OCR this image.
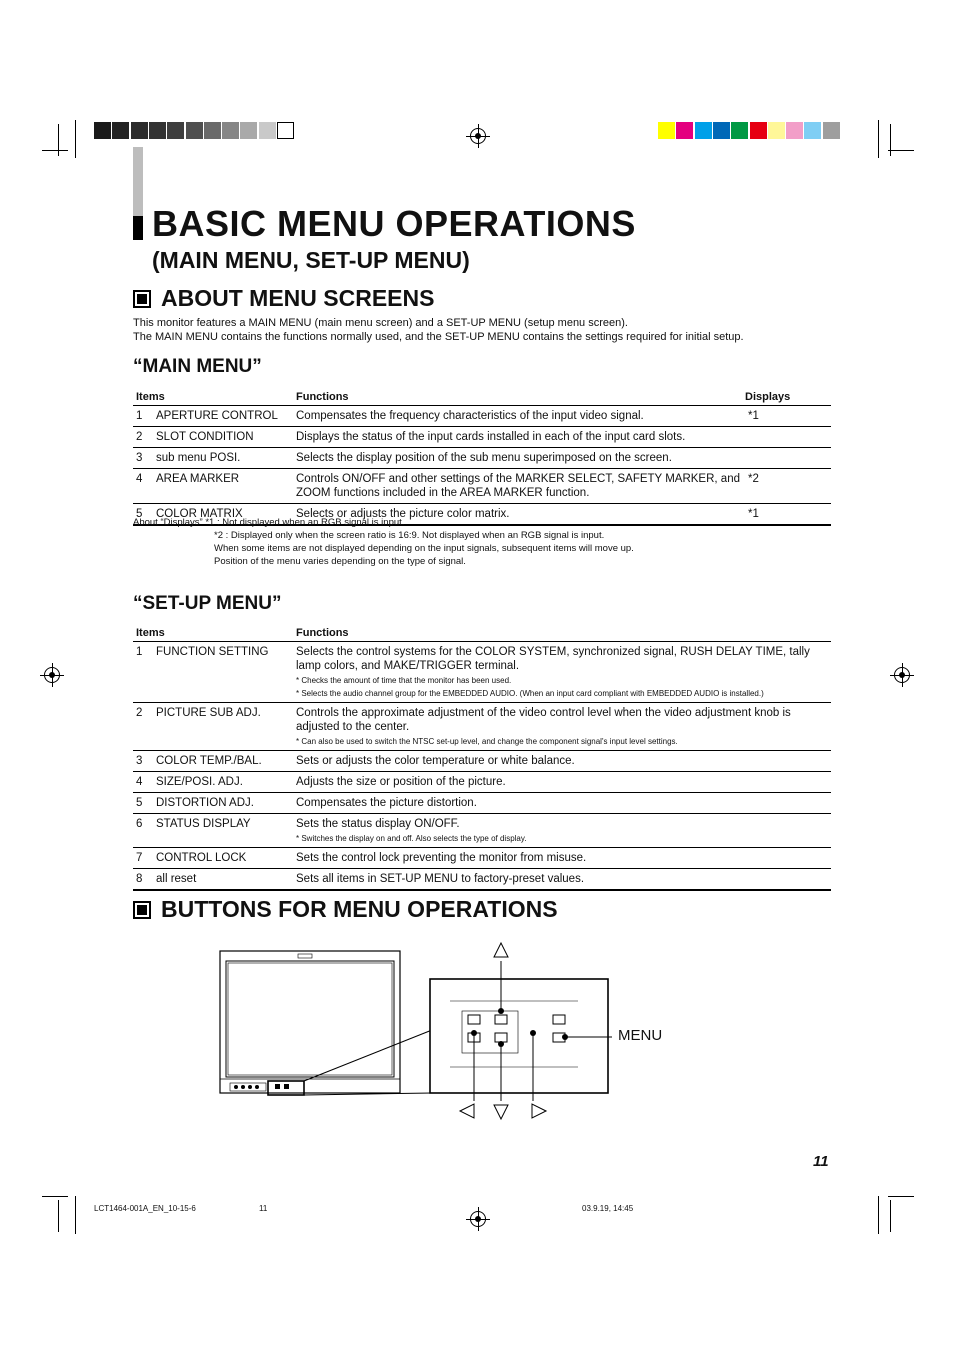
BASIC MENU OPERATIONS
(MAIN MENU, SET-UP MENU)
ABOUT MENU SCREENS
This monitor features a MAIN MENU (main menu screen) and a SET-UP MENU (setup menu screen).
The MAIN MENU contains the functions normally used, and the SET-UP MENU contains the settings required for initial setup.
“MAIN MENU”
Items		Functions	Displays
1	APERTURE CONTROL	Compensates the frequency characteristics of the input video signal.	*1
2	SLOT CONDITION	Displays the status of the input cards installed in each of the input card slots.	
3	sub menu POSI.	Selects the display position of the sub menu superimposed on the screen.	
4	AREA MARKER	Controls ON/OFF and other settings of the MARKER SELECT, SAFETY MARKER, and ZOOM functions included in the AREA MARKER function.	*2
5	COLOR MATRIX	Selects or adjusts the picture color matrix.	*1
About “Displays” *1 : Not displayed when an RGB signal is input.
*2 : Displayed only when the screen ratio is 16:9. Not displayed when an RGB signal is input.
When some items are not displayed depending on the input signals, subsequent items will move up.
Position of the menu varies depending on the type of signal.
“SET-UP MENU”
Items		Functions
1	FUNCTION SETTING	Selects the control systems for the COLOR SYSTEM, synchronized signal, RUSH DELAY TIME, tally lamp colors, and MAKE/TRIGGER terminal.
* Checks the amount of time that the monitor has been used.
* Selects the audio channel group for the EMBEDDED AUDIO. (When an input card compliant with EMBEDDED AUDIO is installed.)

2	PICTURE SUB ADJ.	Controls the approximate adjustment of the video control level when the video adjustment knob is adjusted to the center.
* Can also be used to switch the NTSC set-up level, and change the component signal's input level settings.

3	COLOR TEMP./BAL.	Sets or adjusts the color temperature or white balance.

4	SIZE/POSI. ADJ.	Adjusts the size or position of the picture.

5	DISTORTION ADJ.	Compensates the picture distortion.

6	STATUS DISPLAY	Sets the status display ON/OFF.
* Switches the display on and off. Also selects the type of display.

7	CONTROL LOCK	Sets the control lock preventing the monitor from misuse.

8	all reset	Sets all items in SET-UP MENU to factory-preset values.
BUTTONS FOR MENU OPERATIONS
MENU
11
LCT1464-001A_EN_10-15-6	11	03.9.19, 14:45
